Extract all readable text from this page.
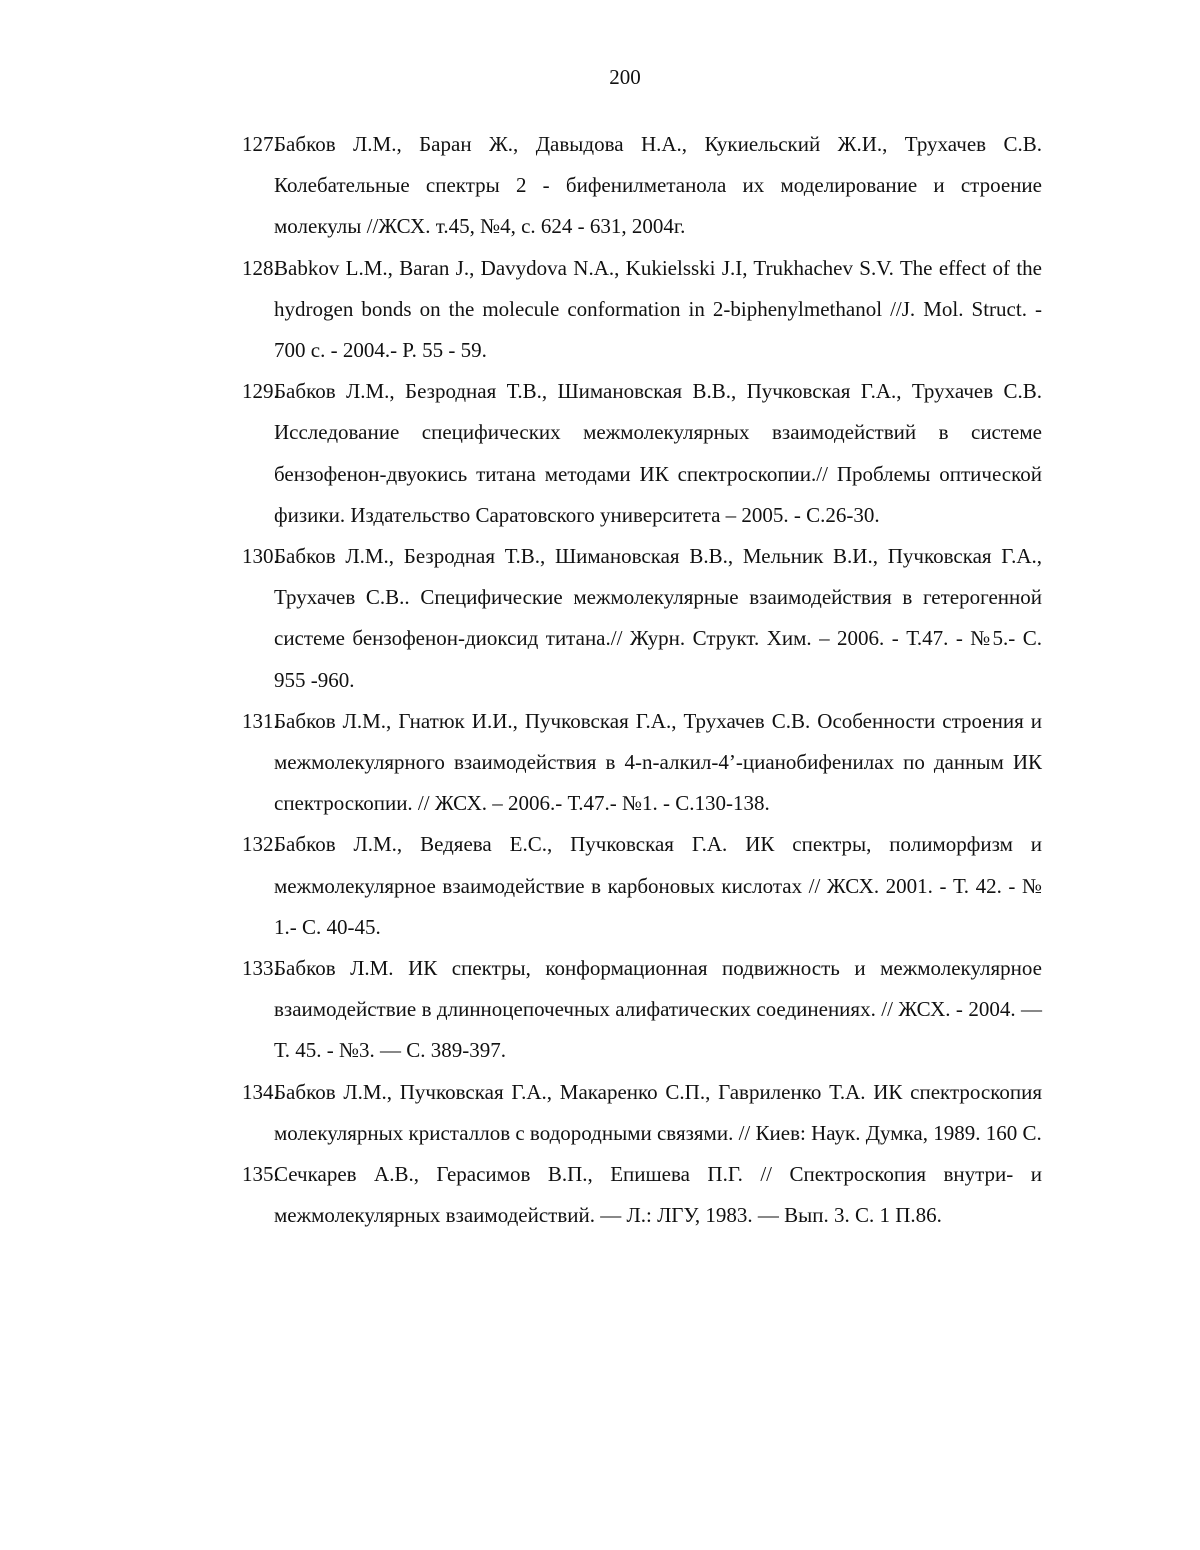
200
127.
Бабков Л.М., Баран Ж., Давыдова Н.А., Кукиельский Ж.И., Трухачев С.В. Колебательные спектры 2 - бифенилметанола их моделирование и строение молекулы //ЖСХ. т.45, №4, с. 624 - 631, 2004г.
128.
Babkov L.M., Baran J., Davydova N.A., Kukielsski J.I, Trukhachev S.V. The effect of the hydrogen bonds on the molecule conformation in 2-biphenylmethanol //J. Mol. Struct. - 700 c. - 2004.- P. 55 - 59.
129.
Бабков Л.М., Безродная Т.В., Шимановская В.В., Пучковская Г.А., Трухачев С.В. Исследование специфических межмолекулярных взаимодействий в системе бензофенон-двуокись титана методами ИК спектроскопии.// Проблемы оптической физики. Издательство Саратовского университета – 2005. - С.26-30.
130.
Бабков Л.М., Безродная Т.В., Шимановская В.В., Мельник В.И., Пучковская Г.А., Трухачев С.В.. Специфические межмолекулярные взаимодействия в гетерогенной системе бензофенон-диоксид титана.// Журн. Структ. Хим. – 2006. - Т.47. - №5.- С. 955 -960.
131.
Бабков Л.М., Гнатюк И.И., Пучковская Г.А., Трухачев С.В. Особенности строения и межмолекулярного взаимодействия в 4-n-алкил-4’-цианобифенилах по данным ИК спектроскопии. // ЖСХ. – 2006.- Т.47.- №1. - С.130-138.
132.
Бабков Л.М., Ведяева Е.С., Пучковская Г.А. ИК спектры, полиморфизм и межмолекулярное взаимодействие в карбоновых кислотах // ЖСХ. 2001. - Т. 42. - № 1.- С. 40-45.
133.
Бабков Л.М. ИК спектры, конформационная подвижность и межмолекулярное взаимодействие в длинноцепочечных алифатических соединениях. // ЖСХ. - 2004. — Т. 45. - №3. — С. 389-397.
134.
Бабков Л.М., Пучковская Г.А., Макаренко С.П., Гавриленко Т.А. ИК спектроскопия молекулярных кристаллов с водородными связями. // Киев: Наук. Думка, 1989. 160 С.
135.
Сечкарев А.В., Герасимов В.П., Епишева П.Г. // Спектроскопия внутри- и межмолекулярных взаимодействий. — Л.: ЛГУ, 1983. — Вып. 3. С. 1 П.86.
